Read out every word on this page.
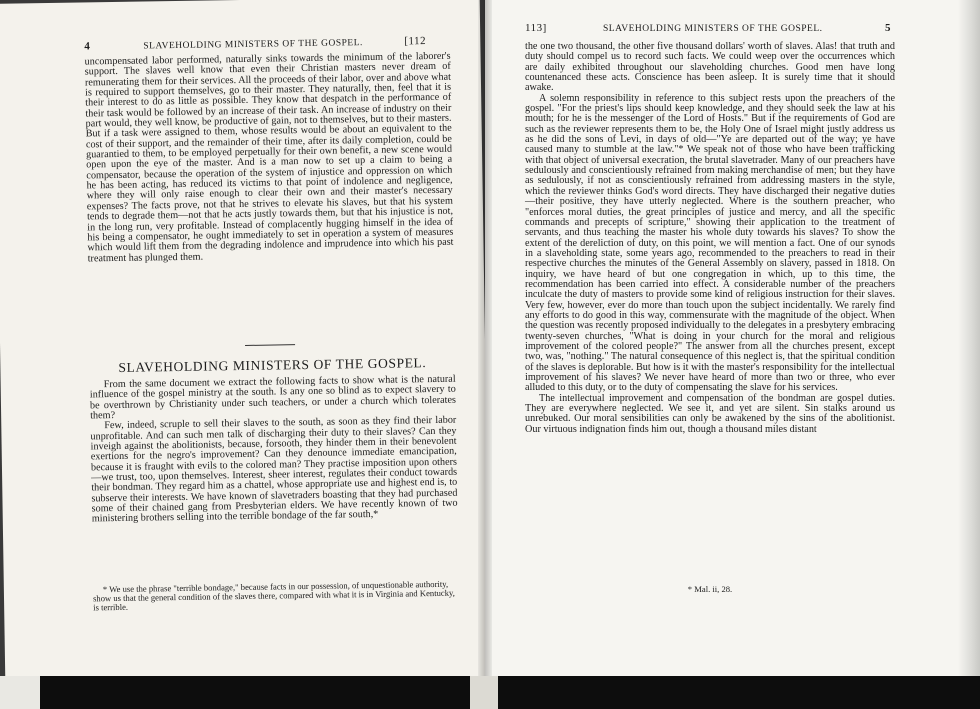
4	SLAVEHOLDING MINISTERS OF THE GOSPEL.	[112

uncompensated labor performed, naturally sinks towards the minimum of the laborer's support. The slaves well know that even their Christian masters never dream of remunerating them for their services. All the proceeds of their labor, over and above what is required to support themselves, go to their master. They naturally, then, feel that it is their interest to do as little as possible. They know that despatch in the performance of their task would be followed by an increase of their task. An increase of industry on their part would, they well know, be productive of gain, not to themselves, but to their masters. But if a task were assigned to them, whose results would be about an equivalent to the cost of their support, and the remainder of their time, after its daily completion, could be guarantied to them, to be employed perpetually for their own benefit, a new scene would open upon the eye of the master. And is a man now to set up a claim to being a compensator, because the operation of the system of injustice and oppression on which he has been acting, has reduced its victims to that point of indolence and negligence, where they will only raise enough to clear their own and their master's necessary expenses? The facts prove, not that he strives to elevate his slaves, but that his system tends to degrade them—not that he acts justly towards them, but that his injustice is not, in the long run, very profitable. Instead of complacently hugging himself in the idea of his being a compensator, he ought immediately to set in operation a system of measures which would lift them from the degrading indolence and imprudence into which his past treatment has plunged them.

SLAVEHOLDING MINISTERS OF THE GOSPEL.

From the same document we extract the following facts to show what is the natural influence of the gospel ministry at the south. Is any one so blind as to expect slavery to be overthrown by Christianity under such teachers, or under a church which tolerates them?

Few, indeed, scruple to sell their slaves to the south, as soon as they find their labor unprofitable. And can such men talk of discharging their duty to their slaves? Can they inveigh against the abolitionists, because, forsooth, they hinder them in their benevolent exertions for the negro's improvement? Can they denounce immediate emancipation, because it is fraught with evils to the colored man? They practise imposition upon others—we trust, too, upon themselves. Interest, sheer interest, regulates their conduct towards their bondman. They regard him as a chattel, whose appropriate use and highest end is, to subserve their interests. We have known of slavetraders boasting that they had purchased some of their chained gang from Presbyterian elders. We have recently known of two ministering brothers selling into the terrible bondage of the far south,*

* We use the phrase "terrible bondage," because facts in our possession, of unquestionable authority, show us that the general condition of the slaves there, compared with what it is in Virginia and Kentucky, is terrible.

113]	SLAVEHOLDING MINISTERS OF THE GOSPEL.	5

the one two thousand, the other five thousand dollars' worth of slaves. Alas! that truth and duty should compel us to record such facts. We could weep over the occurrences which are daily exhibited throughout our slaveholding churches. Good men have long countenanced these acts. Conscience has been asleep. It is surely time that it should awake.

A solemn responsibility in reference to this subject rests upon the preachers of the gospel. "For the priest's lips should keep knowledge, and they should seek the law at his mouth; for he is the messenger of the Lord of Hosts." But if the requirements of God are such as the reviewer represents them to be, the Holy One of Israel might justly address us as he did the sons of Levi, in days of old—"Ye are departed out of the way; ye have caused many to stumble at the law."* We speak not of those who have been trafficking with that object of universal execration, the brutal slavetrader. Many of our preachers have sedulously and conscientiously refrained from making merchandise of men; but they have as sedulously, if not as conscientiously refrained from addressing masters in the style, which the reviewer thinks God's word directs. They have discharged their negative duties—their positive, they have utterly neglected. Where is the southern preacher, who "enforces moral duties, the great principles of justice and mercy, and all the specific commands and precepts of scripture," showing their application to the treatment of servants, and thus teaching the master his whole duty towards his slaves? To show the extent of the dereliction of duty, on this point, we will mention a fact. One of our synods in a slaveholding state, some years ago, recommended to the preachers to read in their respective churches the minutes of the General Assembly on slavery, passed in 1818. On inquiry, we have heard of but one congregation in which, up to this time, the recommendation has been carried into effect. A considerable number of the preachers inculcate the duty of masters to provide some kind of religious instruction for their slaves. Very few, however, ever do more than touch upon the subject incidentally. We rarely find any efforts to do good in this way, commensurate with the magnitude of the object. When the question was recently proposed individually to the delegates in a presbytery embracing twenty-seven churches, "What is doing in your church for the moral and religious improvement of the colored people?" The answer from all the churches present, except two, was, "nothing." The natural consequence of this neglect is, that the spiritual condition of the slaves is deplorable. But how is it with the master's responsibility for the intellectual improvement of his slaves? We never have heard of more than two or three, who ever alluded to this duty, or to the duty of compensating the slave for his services.

The intellectual improvement and compensation of the bondman are gospel duties. They are everywhere neglected. We see it, and yet are silent. Sin stalks around us unrebuked. Our moral sensibilities can only be awakened by the sins of the abolitionist. Our virtuous indignation finds him out, though a thousand miles distant

* Mal. ii, 28.
